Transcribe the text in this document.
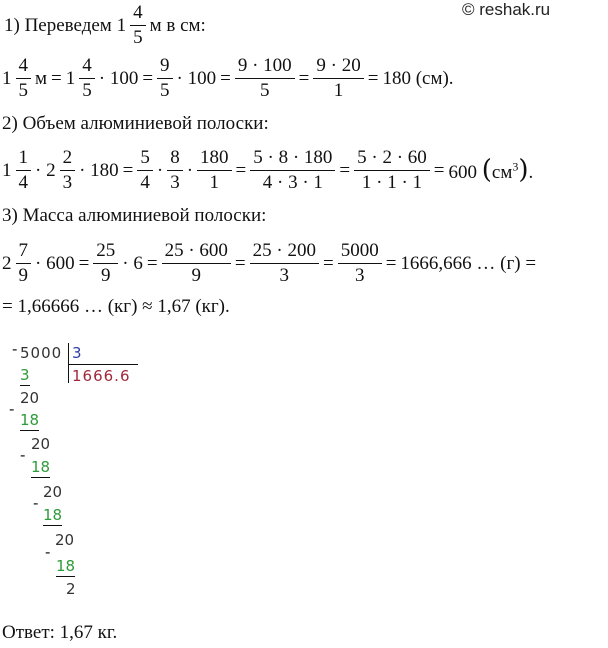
© reshak.ru
1) Переведем $1 \frac{4}{5}$ м в см:
$1 \frac{4}{5}$ $м = 1 \frac{4}{5} \cdot 100 = \frac{9}{5} \cdot 100 = \frac{9 \cdot 100}{5} = \frac{9 \cdot 20}{1} = 180$ (см).
2) Объем алюминиевой полоски:
$1 \frac{1}{4} \cdot 2 \frac{2}{3} \cdot 180 = \frac{5}{4} \cdot \frac{8}{3} \cdot \frac{180}{1} = \frac{5 \cdot 8 \cdot 180}{4 \cdot 3 \cdot 1} = \frac{5 \cdot 2 \cdot 60}{1 \cdot 1 \cdot 1} = 600$ $(см^3)$.
3) Масса алюминиевой полоски:
$2 \frac{7}{9} \cdot 600 = \frac{25}{9} \cdot 6 = \frac{25 \cdot 600}{9} = \frac{25 \cdot 200}{3} = \frac{5000}{3} = 1666,666$ … (г) =
= 1,66666 … (кг) ≈ 1,67 (кг).
- 5000 3
1666.6
3
20
-
18
20
-
18
20
-
18
20
-
18
2
Ответ: 1,67 кг.
